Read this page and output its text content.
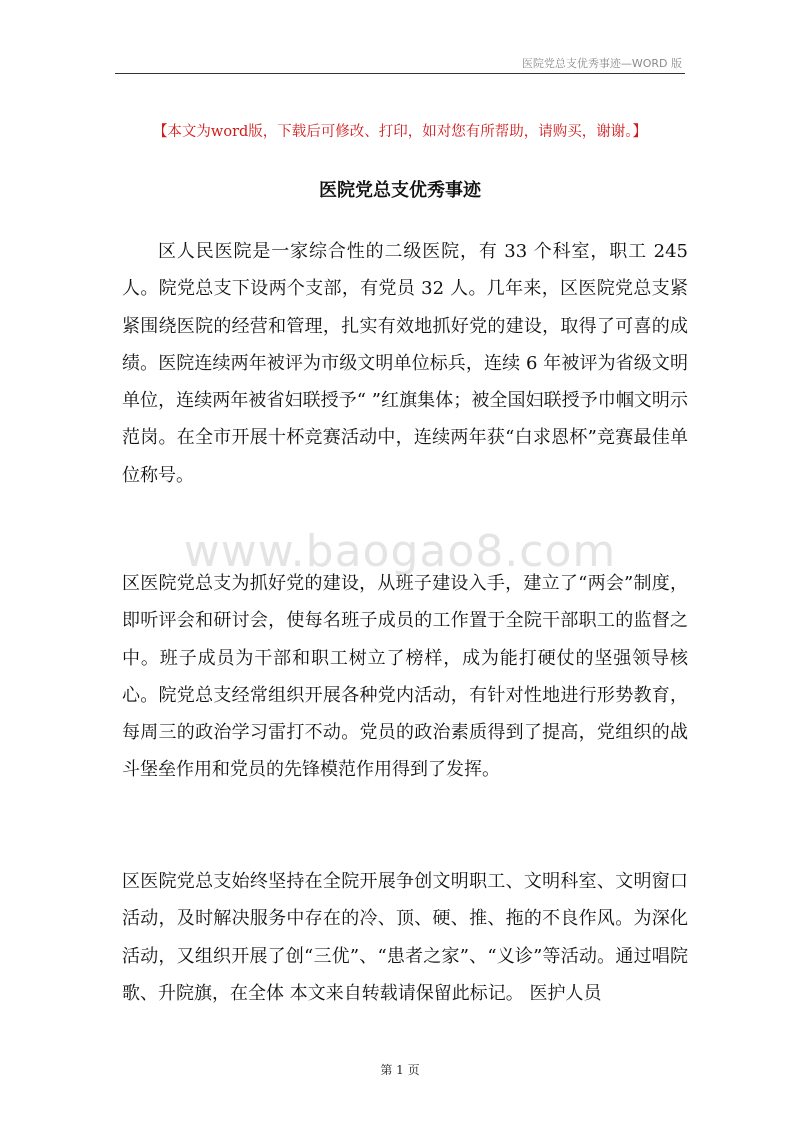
医院党总支优秀事迹—WORD 版
【本文为word版，下载后可修改、打印，如对您有所帮助，请购买，谢谢。】
医院党总支优秀事迹
区人民医院是一家综合性的二级医院，有 33 个科室，职工 245 人。院党总支下设两个支部，有党员 32 人。几年来，区医院党总支紧紧围绕医院的经营和管理，扎实有效地抓好党的建设，取得了可喜的成绩。医院连续两年被评为市级文明单位标兵，连续 6 年被评为省级文明单位，连续两年被省妇联授予“ ”红旗集体；被全国妇联授予巾帼文明示范岗。在全市开展十杯竞赛活动中，连续两年获“白求恩杯”竞赛最佳单位称号。
www.baogao8.com
区医院党总支为抓好党的建设，从班子建设入手，建立了“两会”制度，即听评会和研讨会，使每名班子成员的工作置于全院干部职工的监督之中。班子成员为干部和职工树立了榜样，成为能打硬仗的坚强领导核心。院党总支经常组织开展各种党内活动，有针对性地进行形势教育，每周三的政治学习雷打不动。党员的政治素质得到了提高，党组织的战斗堡垒作用和党员的先锋模范作用得到了发挥。
区医院党总支始终坚持在全院开展争创文明职工、文明科室、文明窗口活动，及时解决服务中存在的冷、顶、硬、推、拖的不良作风。为深化活动，又组织开展了创“三优”、“患者之家”、“义诊”等活动。通过唱院歌、升院旗，在全体 本文来自转载请保留此标记。 医护人员
第 1 页
